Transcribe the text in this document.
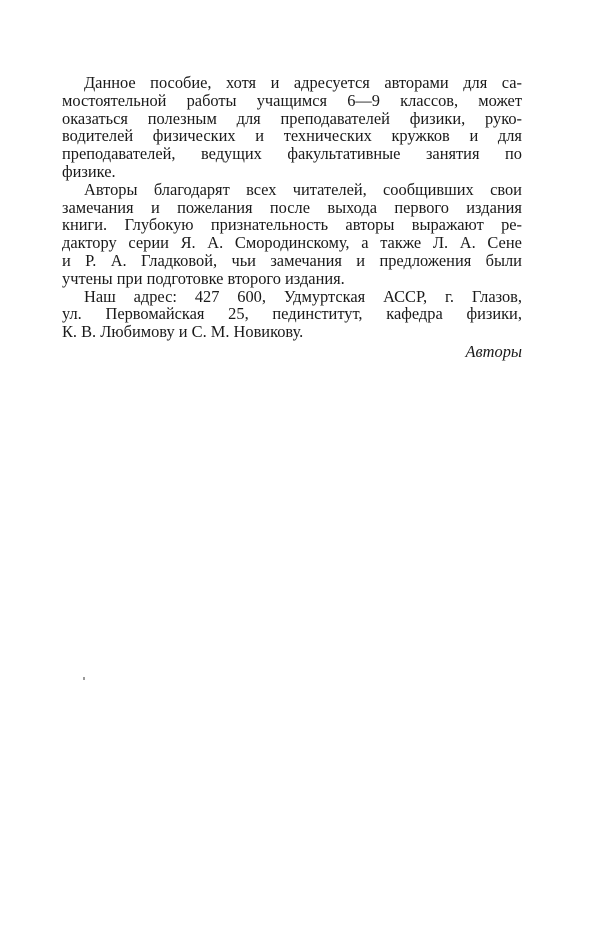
Данное пособие, хотя и адресуется авторами для са-
мостоятельной работы учащимся 6—9 классов, может
оказаться полезным для преподавателей физики, руко-
водителей физических и технических кружков и для
преподавателей, ведущих факультативные занятия по
физике.
Авторы благодарят всех читателей, сообщивших свои
замечания и пожелания после выхода первого издания
книги. Глубокую признательность авторы выражают ре-
дактору серии Я. А. Смородинскому, а также Л. А. Сене
и Р. А. Гладковой, чьи замечания и предложения были
учтены при подготовке второго издания.
Наш адрес: 427 600, Удмуртская АССР, г. Глазов,
ул. Первомайская 25, пединститут, кафедра физики,
К. В. Любимову и С. М. Новикову.
Авторы
